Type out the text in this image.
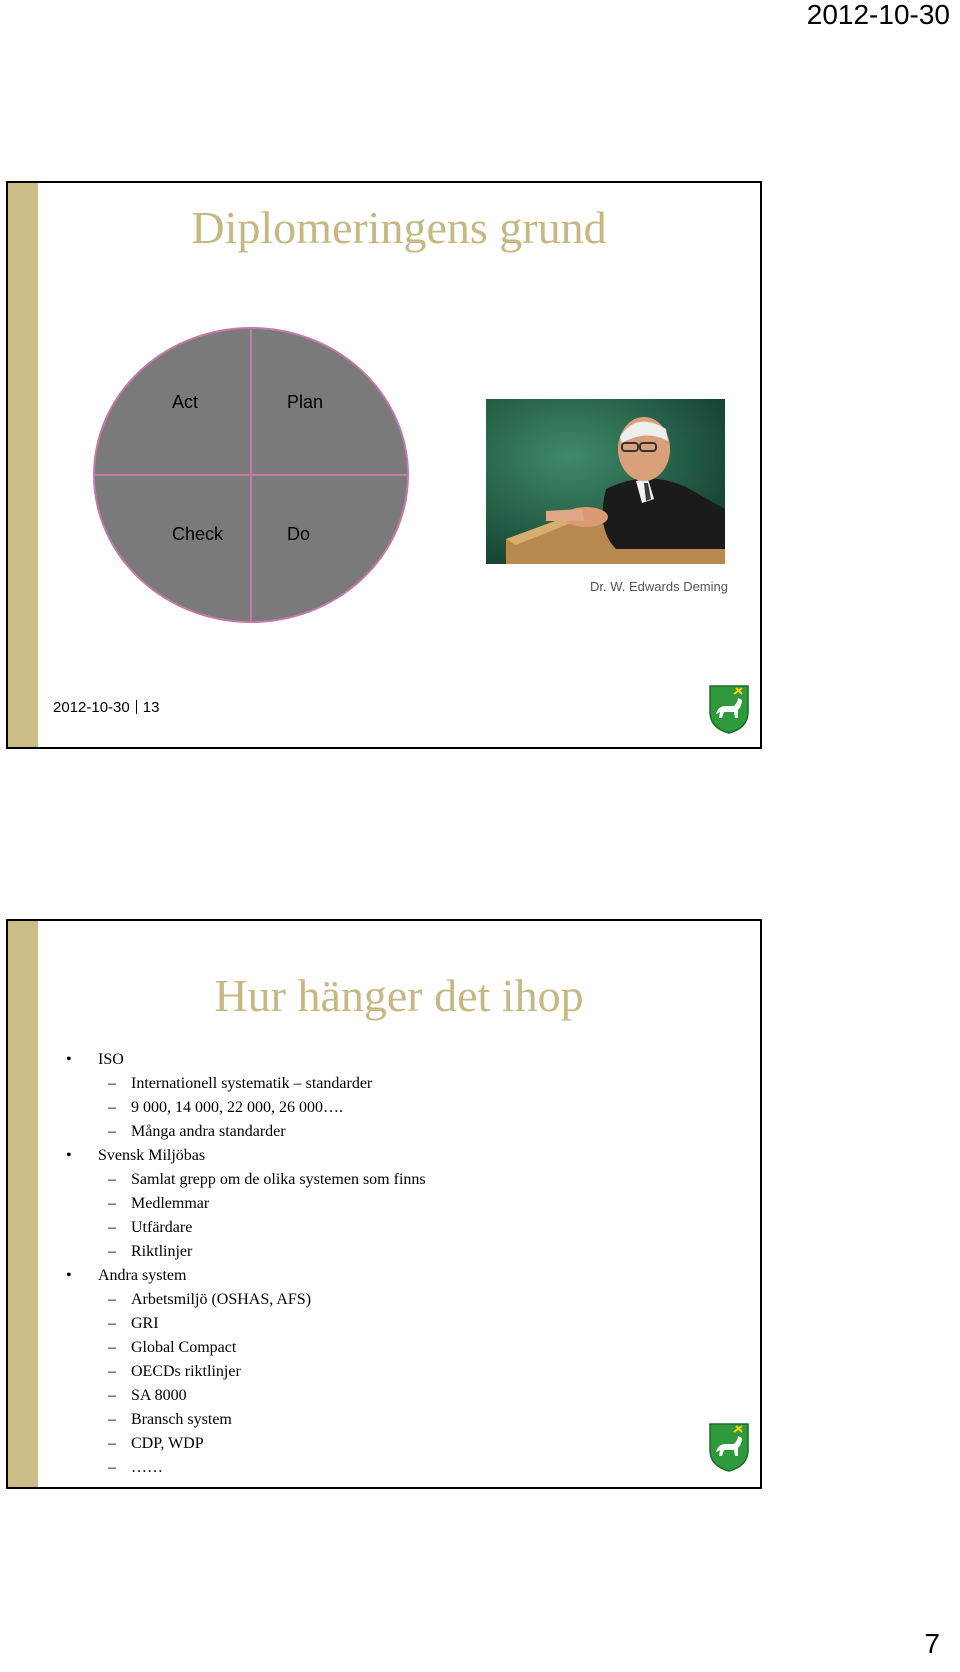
2012-10-30
Diplomeringens grund
Act	Plan
Check	Do
Dr. W. Edwards Deming
2012-10-30 13
Hur hänger det ihop
• ISO
– Internationell systematik – standarder
– 9 000, 14 000, 22 000, 26 000….
– Många andra standarder
• Svensk Miljöbas
– Samlat grepp om de olika systemen som finns
– Medlemmar
– Utfärdare
– Riktlinjer
• Andra system
– Arbetsmiljö (OSHAS, AFS)
– GRI
– Global Compact
– OECDs riktlinjer
– SA 8000
– Bransch system
– CDP, WDP
– ……
7
